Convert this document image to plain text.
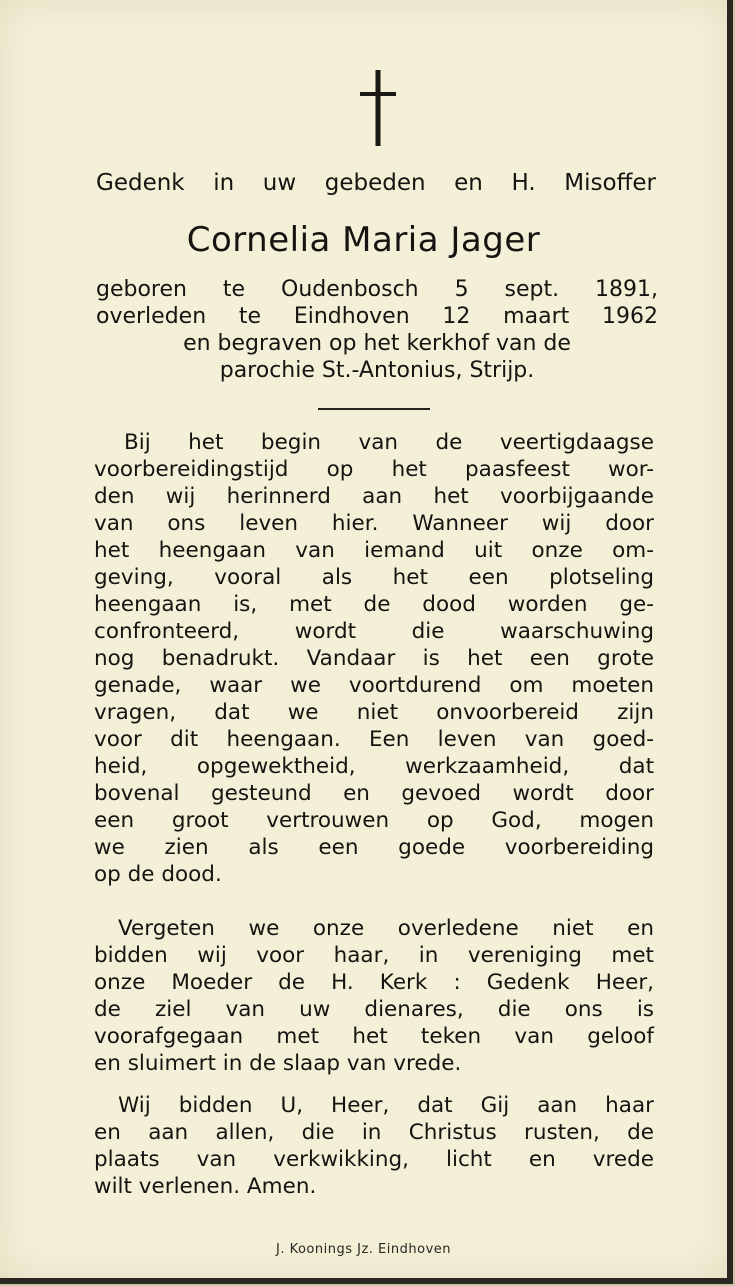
Gedenk in uw gebeden en H. Misoffer
Cornelia Maria Jager
geboren te Oudenbosch 5 sept. 1891,
overleden te Eindhoven 12 maart 1962
en begraven op het kerkhof van de
parochie St.-Antonius, Strijp.
Bij het begin van de veertigdaagse
voorbereidingstijd op het paasfeest wor-
den wij herinnerd aan het voorbijgaande
van ons leven hier. Wanneer wij door
het heengaan van iemand uit onze om-
geving, vooral als het een plotseling
heengaan is, met de dood worden ge-
confronteerd, wordt die waarschuwing
nog benadrukt. Vandaar is het een grote
genade, waar we voortdurend om moeten
vragen, dat we niet onvoorbereid zijn
voor dit heengaan. Een leven van goed-
heid, opgewektheid, werkzaamheid, dat
bovenal gesteund en gevoed wordt door
een groot vertrouwen op God, mogen
we zien als een goede voorbereiding
op de dood.
Vergeten we onze overledene niet en
bidden wij voor haar, in vereniging met
onze Moeder de H. Kerk : Gedenk Heer,
de ziel van uw dienares, die ons is
voorafgegaan met het teken van geloof
en sluimert in de slaap van vrede.
Wij bidden U, Heer, dat Gij aan haar
en aan allen, die in Christus rusten, de
plaats van verkwikking, licht en vrede
wilt verlenen. Amen.
J. Koonings Jz. Eindhoven
